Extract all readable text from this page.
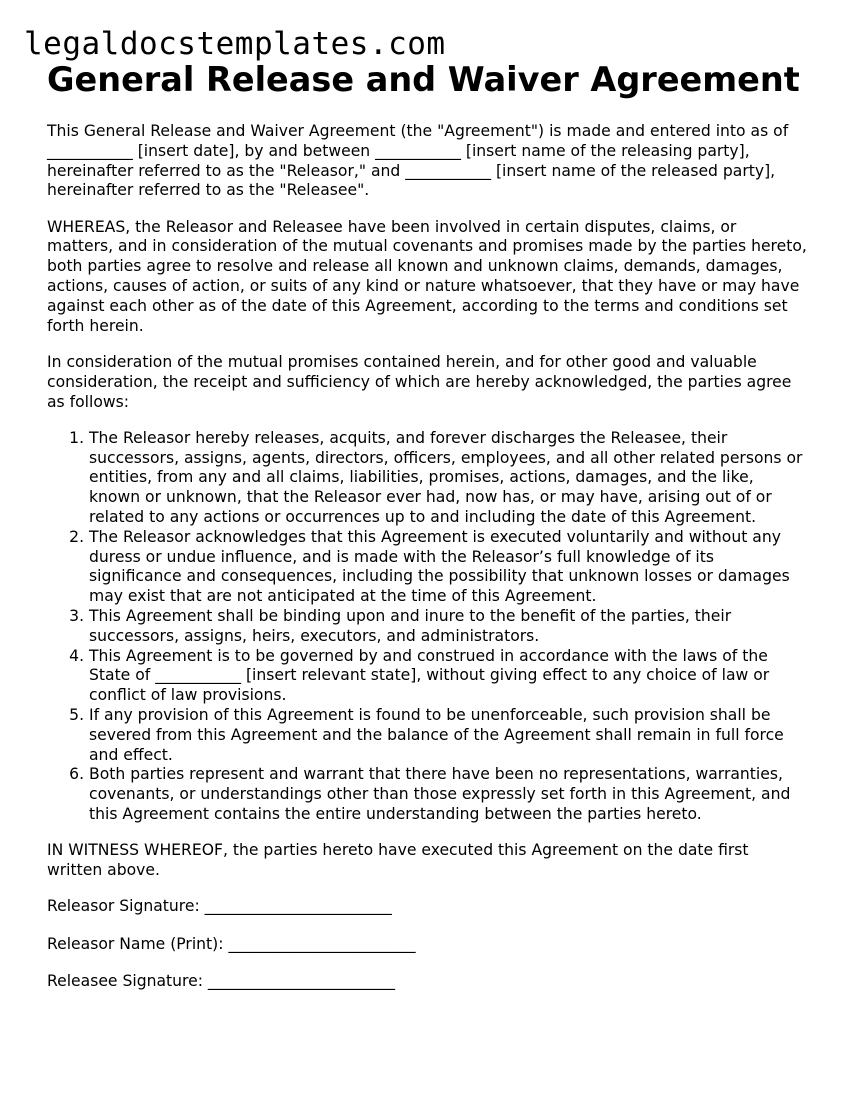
legaldocstemplates.com
General Release and Waiver Agreement

This General Release and Waiver Agreement (the "Agreement") is made and entered into as of ___________ [insert date], by and between ___________ [insert name of the releasing party], hereinafter referred to as the "Releasor," and ___________ [insert name of the released party], hereinafter referred to as the "Releasee".

WHEREAS, the Releasor and Releasee have been involved in certain disputes, claims, or matters, and in consideration of the mutual covenants and promises made by the parties hereto, both parties agree to resolve and release all known and unknown claims, demands, damages, actions, causes of action, or suits of any kind or nature whatsoever, that they have or may have against each other as of the date of this Agreement, according to the terms and conditions set forth herein.

In consideration of the mutual promises contained herein, and for other good and valuable consideration, the receipt and sufficiency of which are hereby acknowledged, the parties agree as follows:

1. The Releasor hereby releases, acquits, and forever discharges the Releasee, their successors, assigns, agents, directors, officers, employees, and all other related persons or entities, from any and all claims, liabilities, promises, actions, damages, and the like, known or unknown, that the Releasor ever had, now has, or may have, arising out of or related to any actions or occurrences up to and including the date of this Agreement.
2. The Releasor acknowledges that this Agreement is executed voluntarily and without any duress or undue influence, and is made with the Releasor’s full knowledge of its significance and consequences, including the possibility that unknown losses or damages may exist that are not anticipated at the time of this Agreement.
3. This Agreement shall be binding upon and inure to the benefit of the parties, their successors, assigns, heirs, executors, and administrators.
4. This Agreement is to be governed by and construed in accordance with the laws of the State of ___________ [insert relevant state], without giving effect to any choice of law or conflict of law provisions.
5. If any provision of this Agreement is found to be unenforceable, such provision shall be severed from this Agreement and the balance of the Agreement shall remain in full force and effect.
6. Both parties represent and warrant that there have been no representations, warranties, covenants, or understandings other than those expressly set forth in this Agreement, and this Agreement contains the entire understanding between the parties hereto.

IN WITNESS WHEREOF, the parties hereto have executed this Agreement on the date first written above.

Releasor Signature: ________________________
Releasor Name (Print): ________________________
Releasee Signature: ________________________
